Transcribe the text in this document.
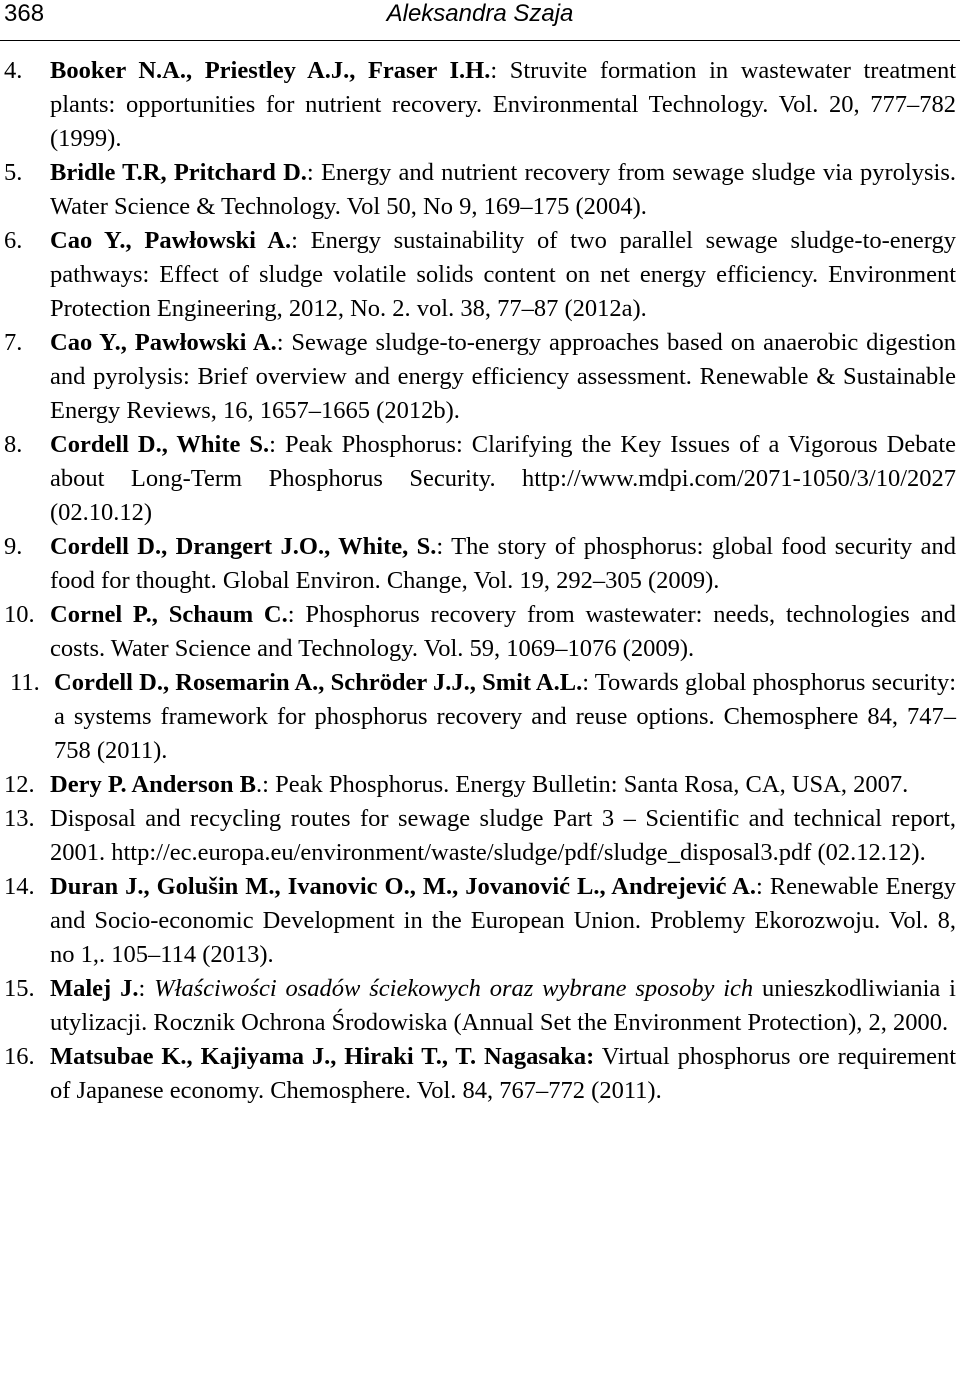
368	Aleksandra Szaja
4. Booker N.A., Priestley A.J., Fraser I.H.: Struvite formation in wastewater treatment plants: opportunities for nutrient recovery. Environmental Technology. Vol. 20, 777–782 (1999).
5. Bridle T.R, Pritchard D.: Energy and nutrient recovery from sewage sludge via pyrolysis. Water Science & Technology. Vol 50, No 9, 169–175 (2004).
6. Cao Y., Pawłowski A.: Energy sustainability of two parallel sewage sludge-to-energy pathways: Effect of sludge volatile solids content on net energy efficiency. Environment Protection Engineering, 2012, No. 2. vol. 38, 77–87 (2012a).
7. Cao Y., Pawłowski A.: Sewage sludge-to-energy approaches based on anaerobic digestion and pyrolysis: Brief overview and energy efficiency assessment. Renewable & Sustainable Energy Reviews, 16, 1657–1665 (2012b).
8. Cordell D., White S.: Peak Phosphorus: Clarifying the Key Issues of a Vigorous Debate about Long-Term Phosphorus Security. http://www.mdpi.com/2071-1050/3/10/2027 (02.10.12)
9. Cordell D., Drangert J.O., White, S.: The story of phosphorus: global food security and food for thought. Global Environ. Change, Vol. 19, 292–305 (2009).
10. Cornel P., Schaum C.: Phosphorus recovery from wastewater: needs, technologies and costs. Water Science and Technology. Vol. 59, 1069–1076 (2009).
11. Cordell D., Rosemarin A., Schröder J.J., Smit A.L.: Towards global phosphorus security: a systems framework for phosphorus recovery and reuse options. Chemosphere 84, 747–758 (2011).
12. Dery P. Anderson B.: Peak Phosphorus. Energy Bulletin: Santa Rosa, CA, USA, 2007.
13. Disposal and recycling routes for sewage sludge Part 3 – Scientific and technical report, 2001. http://ec.europa.eu/environment/waste/sludge/pdf/sludge_disposal3.pdf (02.12.12).
14. Duran J., Golušin M., Ivanovic O., M., Jovanović L., Andrejević A.: Renewable Energy and Socio-economic Development in the European Union. Problemy Ekorozwoju. Vol. 8, no 1,. 105–114 (2013).
15. Malej J.: Właściwości osadów ściekowych oraz wybrane sposoby ich unieszkodliwiania i utylizacji. Rocznik Ochrona Środowiska (Annual Set the Environment Protection), 2, 2000.
16. Matsubae K., Kajiyama J., Hiraki T., T. Nagasaka: Virtual phosphorus ore requirement of Japanese economy. Chemosphere. Vol. 84, 767–772 (2011).
